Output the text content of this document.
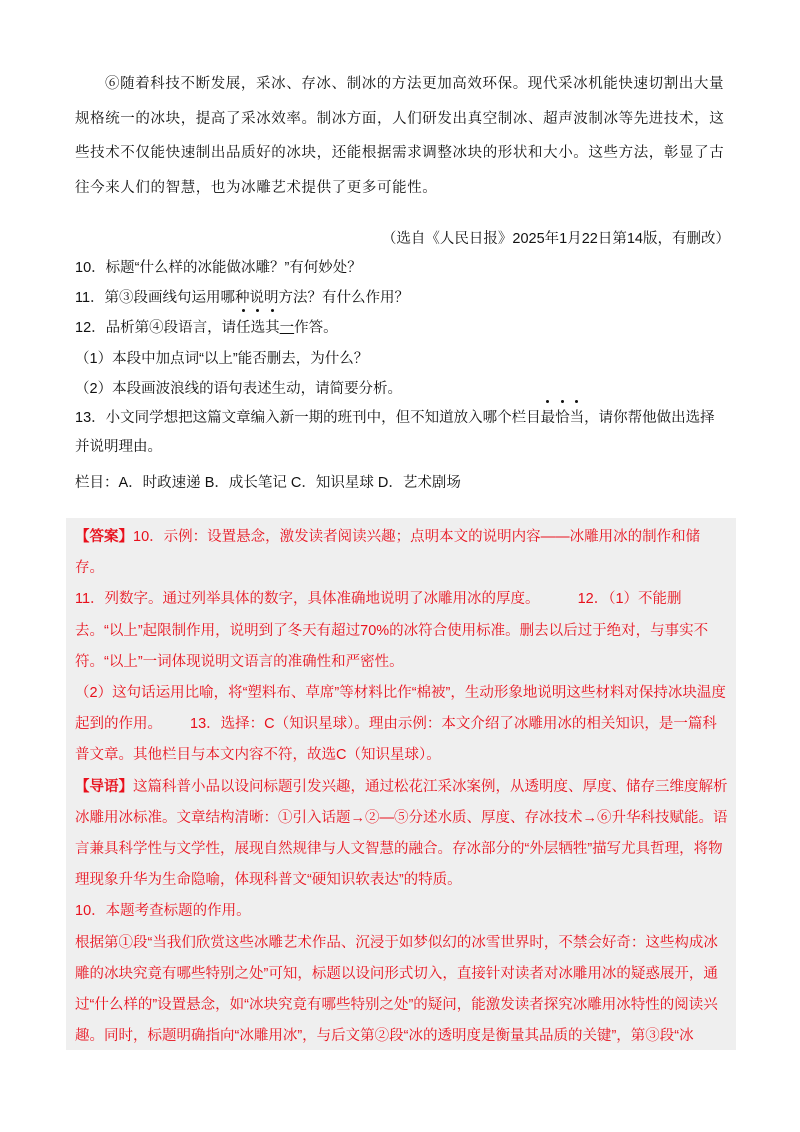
⑥随着科技不断发展，采冰、存冰、制冰的方法更加高效环保。现代采冰机能快速切割出大量规格统一的冰块，提高了采冰效率。制冰方面，人们研发出真空制冰、超声波制冰等先进技术，这些技术不仅能快速制出品质好的冰块，还能根据需求调整冰块的形状和大小。这些方法，彰显了古往今来人们的智慧，也为冰雕艺术提供了更多可能性。

（选自《人民日报》2025年1月22日第14版，有删改）

10．标题“什么样的冰能做冰雕？”有何妙处？

11．第③段画线句运用哪种说明方法？有什么作用？

12．品析第④段语言，请任选其一作答。

（1）本段中加点词“以上”能否删去，为什么？

（2）本段画波浪线的语句表述生动，请简要分析。

13．小文同学想把这篇文章编入新一期的班刊中，但不知道放入哪个栏目最恰当，请你帮他做出选择并说明理由。

栏目：A．时政速递 B．成长笔记 C．知识星球 D．艺术剧场

【答案】10．示例：设置悬念，激发读者阅读兴趣；点明本文的说明内容——冰雕用冰的制作和储存。

11．列数字。通过列举具体的数字，具体准确地说明了冰雕用冰的厚度。	12．（1）不能删去。“以上”起限制作用，说明到了冬天有超过70%的冰符合使用标准。删去以后过于绝对，与事实不符。“以上”一词体现说明文语言的准确性和严密性。

（2）这句话运用比喻，将“塑料布、草席”等材料比作“棉被”，生动形象地说明这些材料对保持冰块温度起到的作用。 13．选择：C（知识星球）。理由示例：本文介绍了冰雕用冰的相关知识，是一篇科普文章。其他栏目与本文内容不符，故选C（知识星球）。

【导语】这篇科普小品以设问标题引发兴趣，通过松花江采冰案例，从透明度、厚度、储存三维度解析冰雕用冰标准。文章结构清晰：①引入话题→②—⑤分述水质、厚度、存冰技术→⑥升华科技赋能。语言兼具科学性与文学性，展现自然规律与人文智慧的融合。存冰部分的“外层牺牲”描写尤具哲理，将物理现象升华为生命隐喻，体现科普文“硬知识软表达”的特质。

10．本题考查标题的作用。

根据第①段“当我们欣赏这些冰雕艺术作品、沉浸于如梦似幻的冰雪世界时，不禁会好奇：这些构成冰雕的冰块究竟有哪些特别之处”可知，标题以设问形式切入，直接针对读者对冰雕用冰的疑惑展开，通过“什么样的”设置悬念，如“冰块究竟有哪些特别之处”的疑问，能激发读者探究冰雕用冰特性的阅读兴趣。同时，标题明确指向“冰雕用冰”，与后文第②段“冰的透明度是衡量其品质的关键”，第③段“冰
